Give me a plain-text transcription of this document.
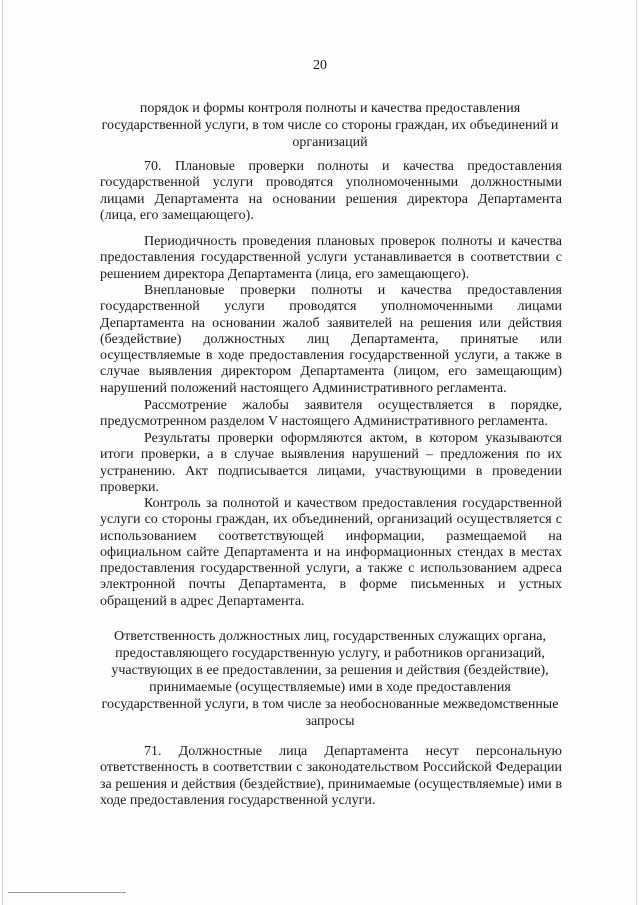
20
порядок и формы контроля полноты и качества предоставления государственной услуги, в том числе со стороны граждан, их объединений и организаций

70. Плановые проверки полноты и качества предоставления государственной услуги проводятся уполномоченными должностными лицами Департамента на основании решения директора Департамента (лица, его замещающего).

Периодичность проведения плановых проверок полноты и качества предоставления государственной услуги устанавливается в соответствии с решением директора Департамента (лица, его замещающего).

Внеплановые проверки полноты и качества предоставления государственной услуги проводятся уполномоченными лицами Департамента на основании жалоб заявителей на решения или действия (бездействие) должностных лиц Департамента, принятые или осуществляемые в ходе предоставления государственной услуги, а также в случае выявления директором Департамента (лицом, его замещающим) нарушений положений настоящего Административного регламента.

Рассмотрение жалобы заявителя осуществляется в порядке, предусмотренном разделом V настоящего Административного регламента.

Результаты проверки оформляются актом, в котором указываются итоги проверки, а в случае выявления нарушений – предложения по их устранению. Акт подписывается лицами, участвующими в проведении проверки.

Контроль за полнотой и качеством предоставления государственной услуги со стороны граждан, их объединений, организаций осуществляется с использованием соответствующей информации, размещаемой на официальном сайте Департамента и на информационных стендах в местах предоставления государственной услуги, а также с использованием адреса электронной почты Департамента, в форме письменных и устных обращений в адрес Департамента.

Ответственность должностных лиц, государственных служащих органа, предоставляющего государственную услугу, и работников организаций, участвующих в ее предоставлении, за решения и действия (бездействие), принимаемые (осуществляемые) ими в ходе предоставления государственной услуги, в том числе за необоснованные межведомственные запросы

71. Должностные лица Департамента несут персональную ответственность в соответствии с законодательством Российской Федерации за решения и действия (бездействие), принимаемые (осуществляемые) ими в ходе предоставления государственной услуги.
